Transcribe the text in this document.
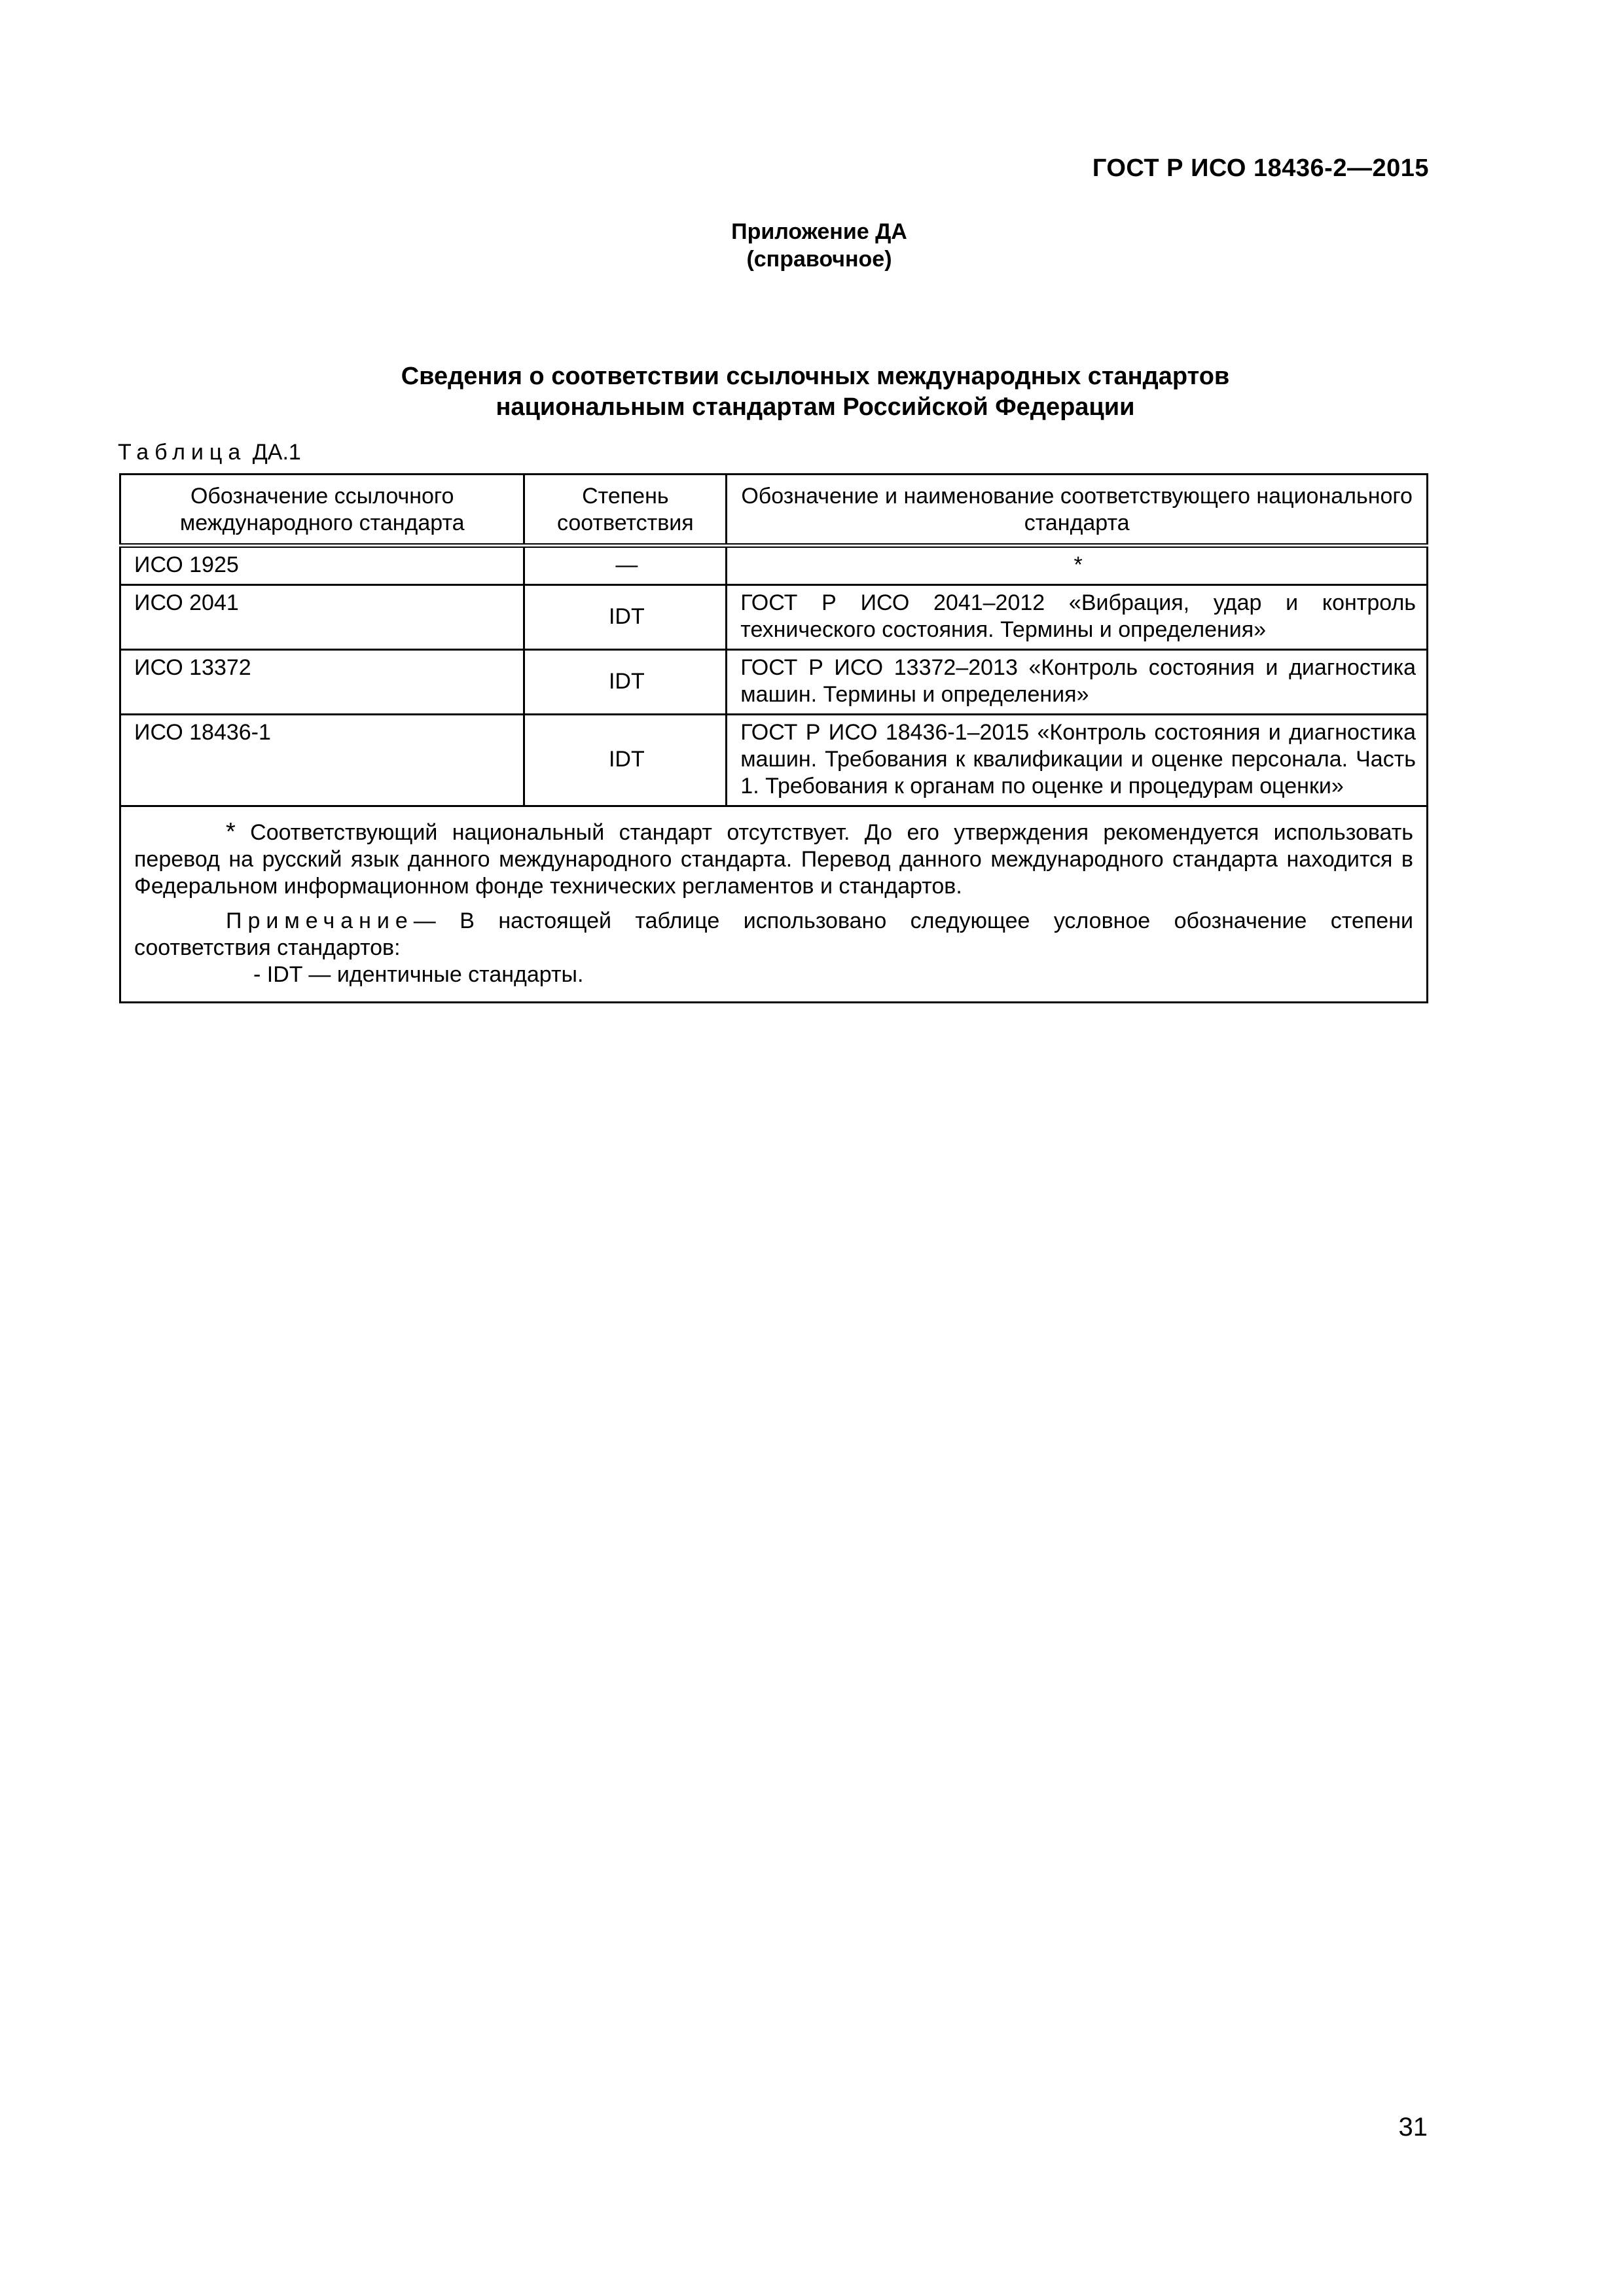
ГОСТ Р ИСО 18436-2—2015
Приложение ДА
(справочное)
Сведения о соответствии ссылочных международных стандартов
национальным стандартам Российской Федерации
Таблица ДА.1
Обозначение ссылочного международного стандарта	Степень соответствия	Обозначение и наименование соответствующего национального стандарта
ИСО 1925	—	*
ИСО 2041	IDT	ГОСТ Р ИСО 2041–2012 «Вибрация, удар и контроль технического состояния. Термины и определения»
ИСО 13372	IDT	ГОСТ Р ИСО 13372–2013 «Контроль состояния и диагностика машин. Термины и определения»
ИСО 18436-1	IDT	ГОСТ Р ИСО 18436-1–2015 «Контроль состояния и диагностика машин. Требования к квалификации и оценке персонала. Часть 1. Требования к органам по оценке и процедурам оценки»

* Соответствующий национальный стандарт отсутствует. До его утверждения рекомендуется использовать перевод на русский язык данного международного стандарта. Перевод данного международного стандарта находится в Федеральном информационном фонде технических регламентов и стандартов.

Примечание— В настоящей таблице использовано следующее условное обозначение степени соответствия стандартов:

- IDT — идентичные стандарты.		

31
